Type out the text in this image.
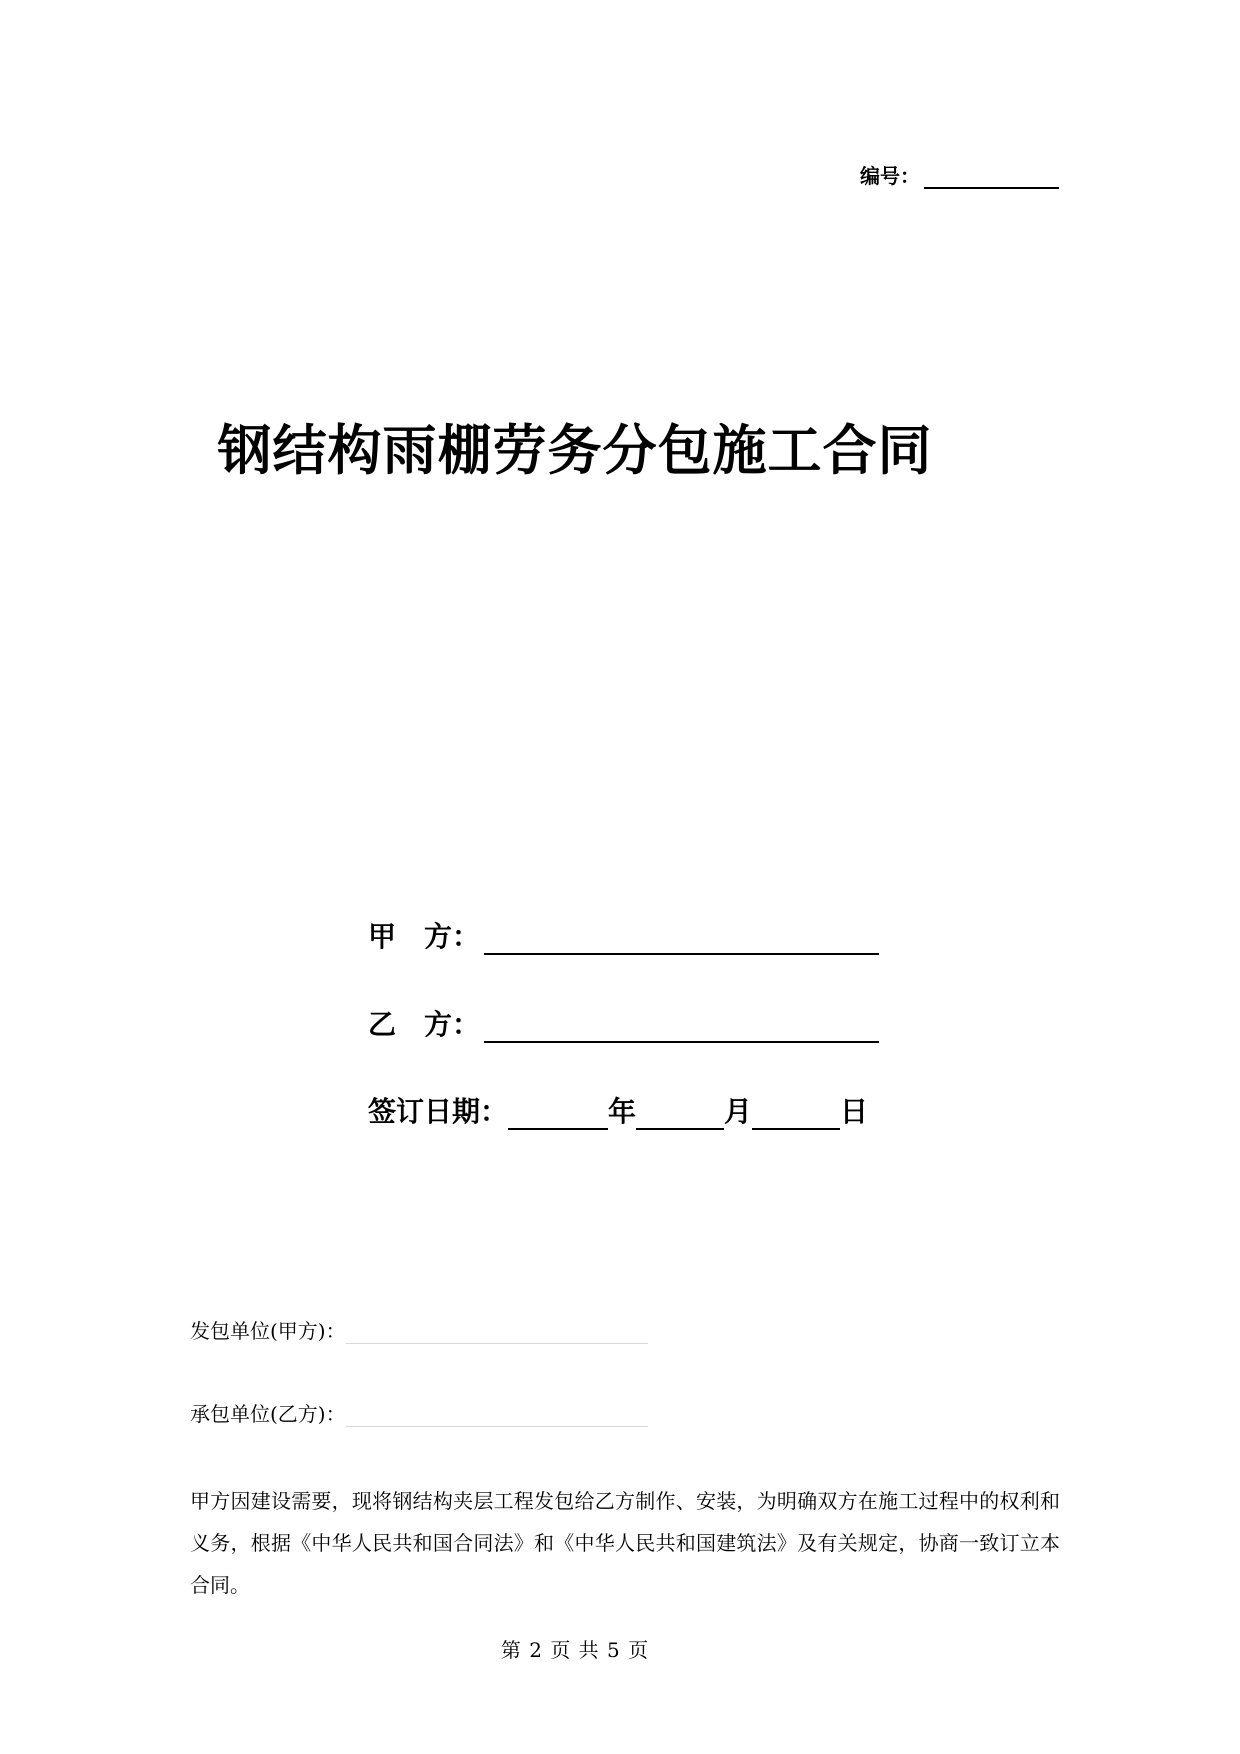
编号：
钢结构雨棚劳务分包施工合同
甲 方：
乙 方：
签订日期：	年	月	日
发包单位(甲方)：
承包单位(乙方)：
甲方因建设需要，现将钢结构夹层工程发包给乙方制作、安装，为明确双方在施工过程中的权利和义务，根据《中华人民共和国合同法》和《中华人民共和国建筑法》及有关规定，协商一致订立本合同。
第 2 页 共 5 页
